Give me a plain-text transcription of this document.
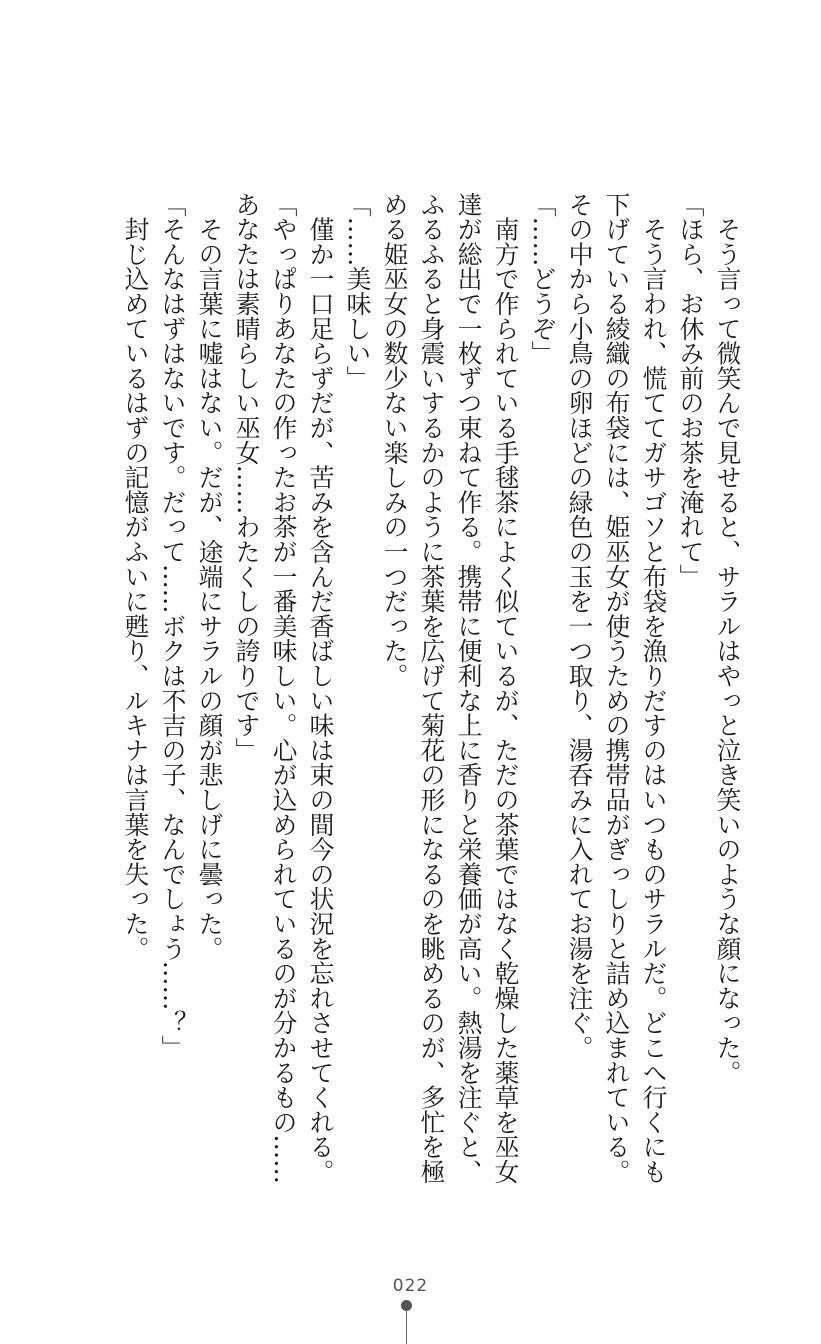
　そう言って微笑んで見せると、サラルはやっと泣き笑いのような顔になった。
「ほら、お休み前のお茶を淹れて」
　そう言われ、慌ててガサゴソと布袋を漁りだすのはいつものサラルだ。どこへ行くにも
下げている綾織の布袋には、姫巫女が使うための携帯品がぎっしりと詰め込まれている。
その中から小鳥の卵ほどの緑色の玉を一つ取り、湯呑みに入れてお湯を注ぐ。
「……どうぞ」
　南方で作られている手毬茶によく似ているが、ただの茶葉ではなく乾燥した薬草を巫女
達が総出で一枚ずつ束ねて作る。携帯に便利な上に香りと栄養価が高い。熱湯を注ぐと、
ふるふると身震いするかのように茶葉を広げて菊花の形になるのを眺めるのが、多忙を極
める姫巫女の数少ない楽しみの一つだった。
「……美味しい」
　僅か一口足らずだが、苦みを含んだ香ばしい味は束の間今の状況を忘れさせてくれる。
「やっぱりあなたの作ったお茶が一番美味しい。心が込められているのが分かるもの……
あなたは素晴らしい巫女……わたくしの誇りです」
　その言葉に嘘はない。だが、途端にサラルの顔が悲しげに曇った。
「そんなはずはないです。だって……ボクは不吉の子、なんでしょう……？」
　封じ込めているはずの記憶がふいに甦り、ルキナは言葉を失った。
022
